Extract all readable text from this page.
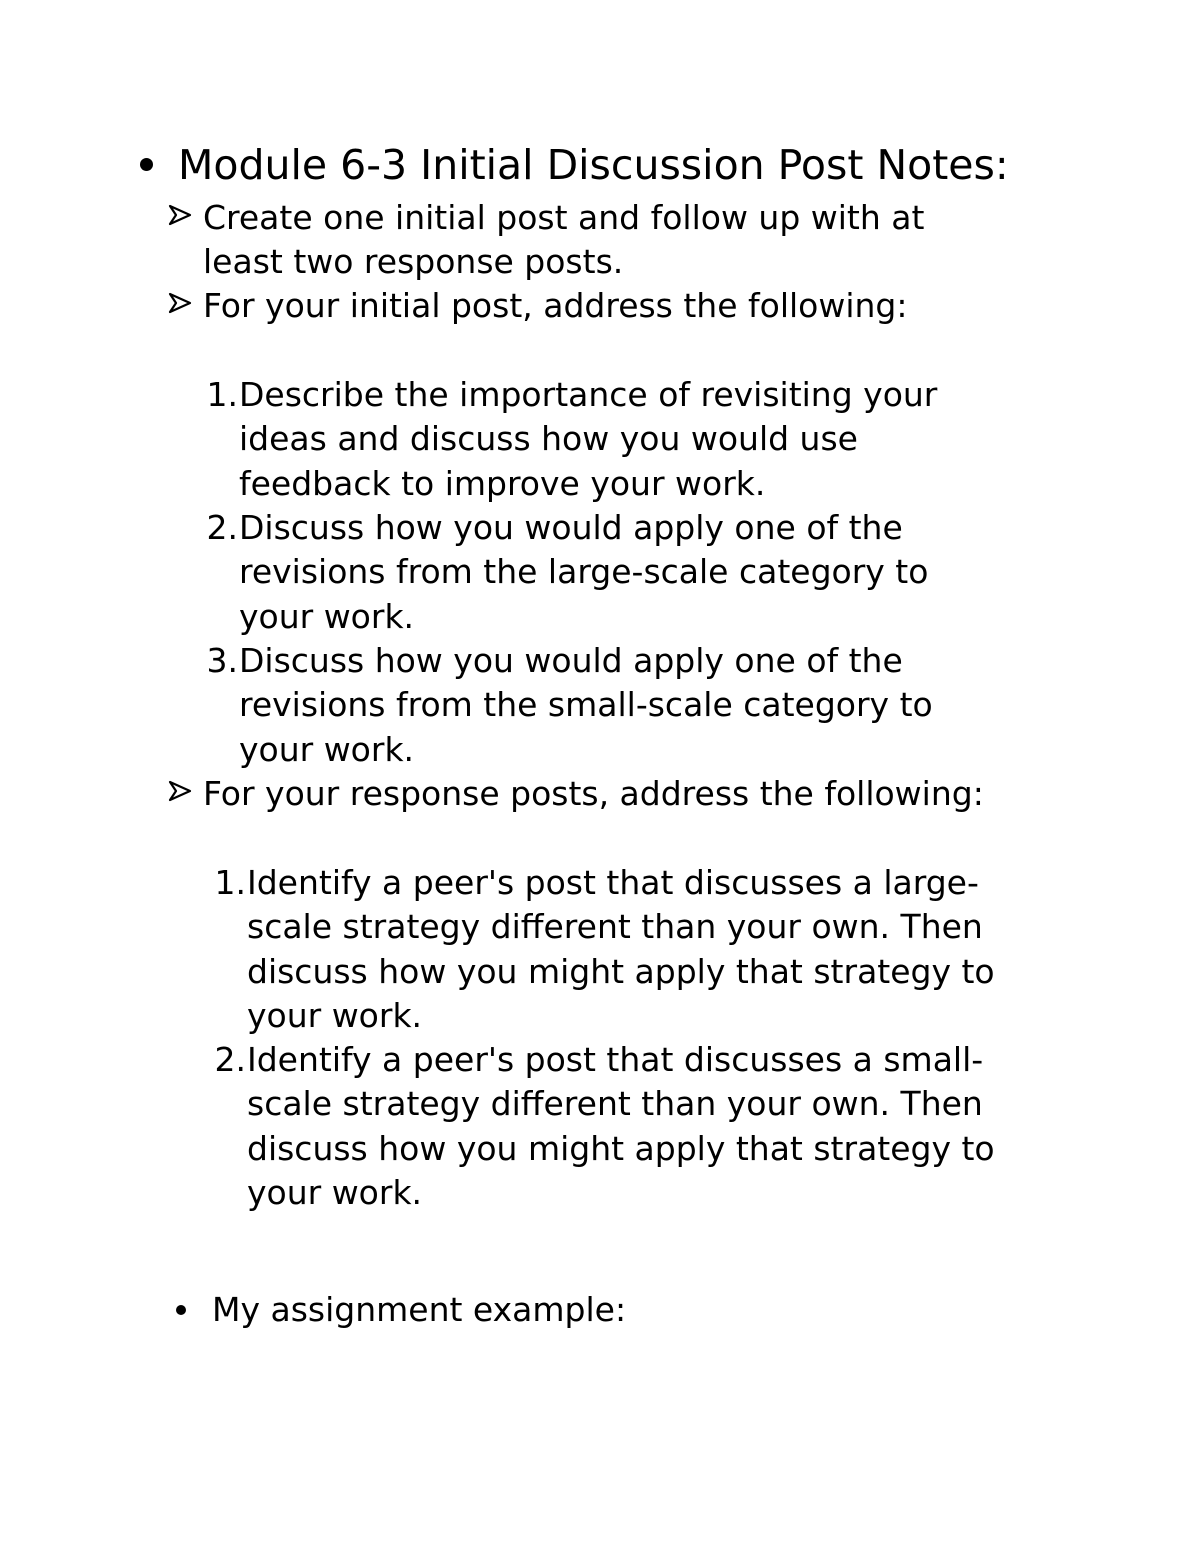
Module 6-3 Initial Discussion Post Notes:
Create one initial post and follow up with at
least two response posts.
For your initial post, address the following:
1. Describe the importance of revisiting your
ideas and discuss how you would use
feedback to improve your work.
2. Discuss how you would apply one of the
revisions from the large-scale category to
your work.
3. Discuss how you would apply one of the
revisions from the small-scale category to
your work.
For your response posts, address the following:
1. Identify a peer's post that discusses a large-
scale strategy different than your own. Then
discuss how you might apply that strategy to
your work.
2. Identify a peer's post that discusses a small-
scale strategy different than your own. Then
discuss how you might apply that strategy to
your work.
My assignment example:
